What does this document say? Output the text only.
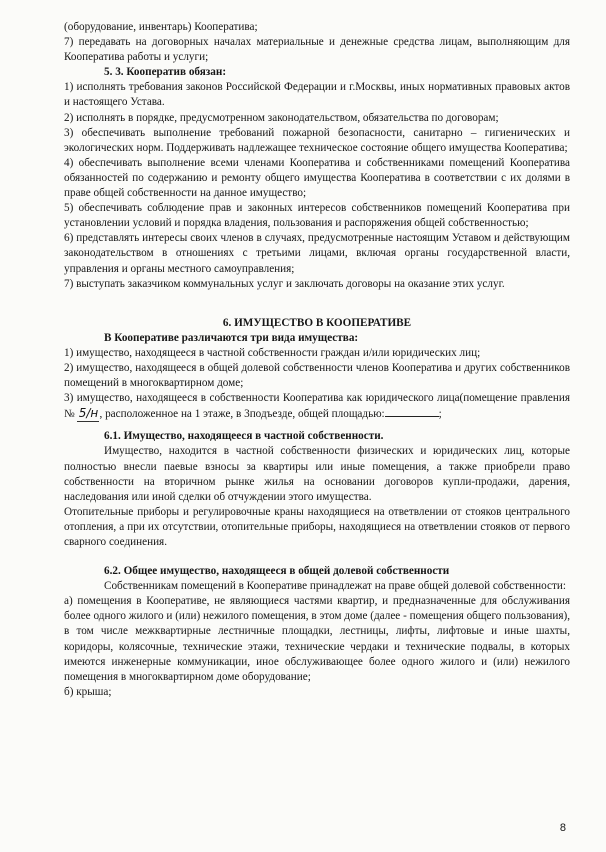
(оборудование, инвентарь) Кооператива;

7) передавать на договорных началах материальные и денежные средства лицам, выполняющим для Кооператива работы и услуги;

5. 3. Кооператив обязан:

1) исполнять требования законов Российской Федерации и г.Москвы, иных нормативных правовых актов и настоящего Устава.

2) исполнять в порядке, предусмотренном законодательством, обязательства по договорам;

3) обеспечивать выполнение требований пожарной безопасности, санитарно – гигиенических и экологических норм. Поддерживать надлежащее техническое состояние общего имущества Кооператива;

4) обеспечивать выполнение всеми членами Кооператива и собственниками помещений Кооператива обязанностей по содержанию и ремонту общего имущества Кооператива в соответствии с их долями в праве общей собственности на данное имущество;

5) обеспечивать соблюдение прав и законных интересов собственников помещений Кооператива при установлении условий и порядка владения, пользования и распоряжения общей собственностью;

6) представлять интересы своих членов в случаях, предусмотренные настоящим Уставом и действующим законодательством в отношениях с третьими лицами, включая органы государственной власти, управления и органы местного самоуправления;

7) выступать заказчиком коммунальных услуг и заключать договоры на оказание этих услуг.

6. ИМУЩЕСТВО В КООПЕРАТИВЕ

В Кооперативе различаются три вида имущества:

1) имущество, находящееся в частной собственности граждан и/или юридических лиц;

2) имущество, находящееся в общей долевой собственности членов Кооператива и других собственников помещений в многоквартирном доме;

3) имущество, находящееся в собственности Кооператива как юридического лица(помещение правления № 5/н, расположенное на 1 этаже, в 3подъезде, общей площадью:	;

6.1. Имущество, находящееся в частной собственности.

Имущество, находится в частной собственности физических и юридических лиц, которые полностью внесли паевые взносы за квартиры или иные помещения, а также приобрели право собственности на вторичном рынке жилья на основании договоров купли-продажи, дарения, наследования или иной сделки об отчуждении этого имущества.

Отопительные приборы и регулировочные краны находящиеся на ответвлении от стояков центрального отопления, а при их отсутствии, отопительные приборы, находящиеся на ответвлении стояков от первого сварного соединения.

6.2. Общее имущество, находящееся в общей долевой собственности

Собственникам помещений в Кооперативе принадлежат на праве общей долевой собственности:

а) помещения в Кооперативе, не являющиеся частями квартир, и предназначенные для обслуживания более одного жилого и (или) нежилого помещения, в этом доме (далее - помещения общего пользования), в том числе межквартирные лестничные площадки, лестницы, лифты, лифтовые и иные шахты, коридоры, колясочные, технические этажи, технические чердаки и технические подвалы, в которых имеются инженерные коммуникации, иное обслуживающее более одного жилого и (или) нежилого помещения в многоквартирном доме оборудование;

б) крыша;

8
